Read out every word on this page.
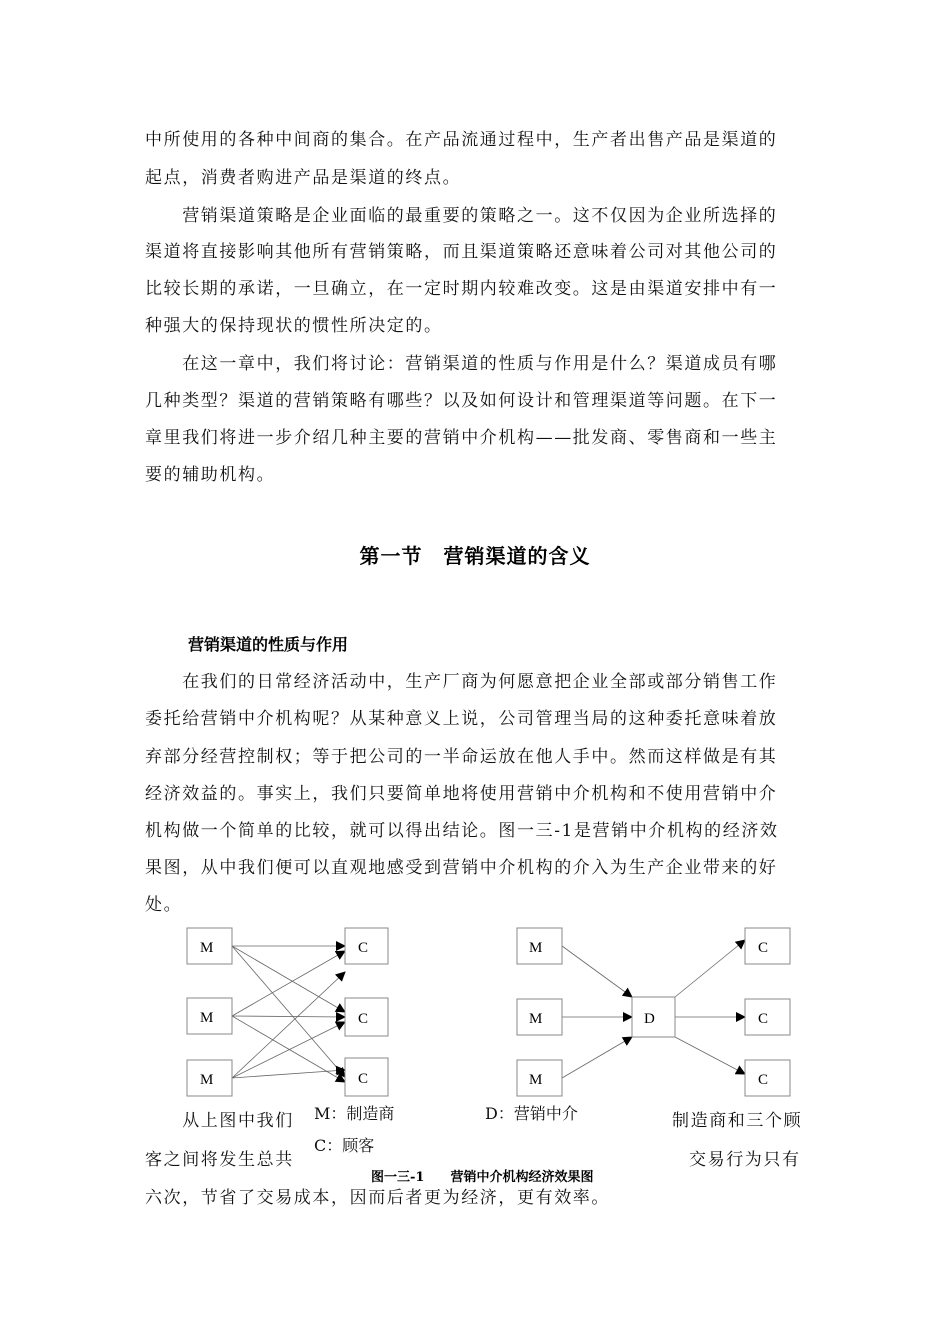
中所使用的各种中间商的集合。在产品流通过程中，生产者出售产品是渠道的
起点，消费者购进产品是渠道的终点。
　　营销渠道策略是企业面临的最重要的策略之一。这不仅因为企业所选择的
渠道将直接影响其他所有营销策略，而且渠道策略还意味着公司对其他公司的
比较长期的承诺，一旦确立，在一定时期内较难改变。这是由渠道安排中有一
种强大的保持现状的惯性所决定的。
　　在这一章中，我们将讨论：营销渠道的性质与作用是什么？渠道成员有哪
几种类型？渠道的营销策略有哪些？以及如何设计和管理渠道等问题。在下一
章里我们将进一步介绍几种主要的营销中介机构——批发商、零售商和一些主
要的辅助机构。
第一节　营销渠道的含义
营销渠道的性质与作用
　　在我们的日常经济活动中，生产厂商为何愿意把企业全部或部分销售工作
委托给营销中介机构呢？从某种意义上说，公司管理当局的这种委托意味着放
弃部分经营控制权；等于把公司的一半命运放在他人手中。然而这样做是有其
经济效益的。事实上，我们只要简单地将使用营销中介机构和不使用营销中介
机构做一个简单的比较，就可以得出结论。图一三-1是营销中介机构的经济效
果图，从中我们便可以直观地感受到营销中介机构的介入为生产企业带来的好
处。
　　从上图中我们	制造商和三个顾
客之间将发生总共	交易行为只有
六次，节省了交易成本，因而后者更为经济，更有效率。
M
M
M
C
C
C
M
M
M
D
C
C
C
M：制造商
C：顾客
D：营销中介
图一三-1　　营销中介机构经济效果图
